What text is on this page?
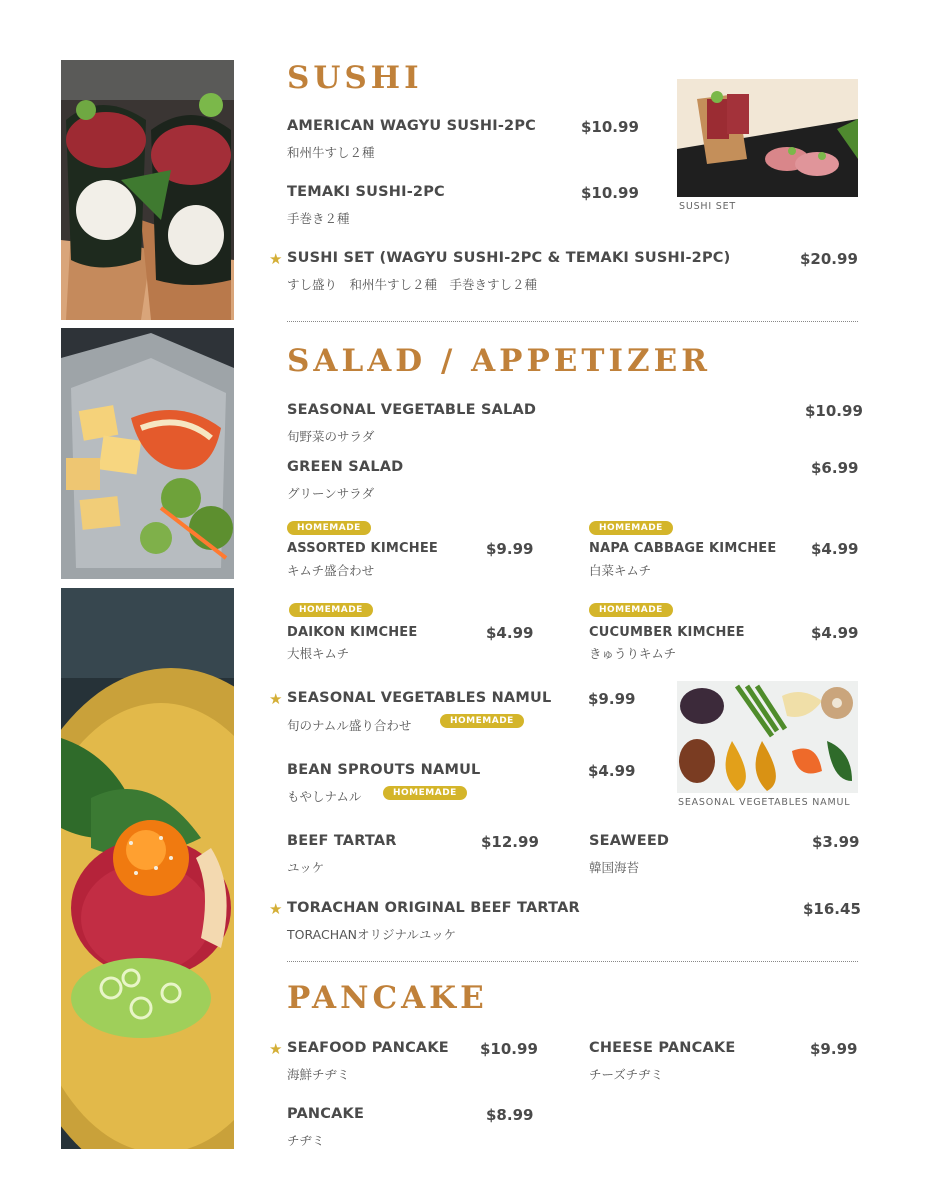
SUSHI
AMERICAN WAGYU SUSHI-2PC
和州牛すし２種
$10.99
TEMAKI SUSHI-2PC
手巻き２種
$10.99
★ SUSHI SET (WAGYU SUSHI-2PC & TEMAKI SUSHI-2PC)
すし盛り　和州牛すし２種　手巻きすし２種
$20.99
SUSHI SET
SALAD / APPETIZER
SEASONAL VEGETABLE SALAD
旬野菜のサラダ
$10.99
GREEN SALAD
グリーンサラダ
$6.99
HOMEMADE
ASSORTED KIMCHEE
キムチ盛合わせ
$9.99
HOMEMADE
NAPA CABBAGE KIMCHEE
白菜キムチ
$4.99
HOMEMADE
DAIKON KIMCHEE
大根キムチ
$4.99
HOMEMADE
CUCUMBER KIMCHEE
きゅうりキムチ
$4.99
★ SEASONAL VEGETABLES NAMUL
旬のナムル盛り合わせ	HOMEMADE
$9.99
BEAN SPROUTS NAMUL
もやしナムル	HOMEMADE
$4.99
SEASONAL VEGETABLES NAMUL
BEEF TARTAR
ユッケ
$12.99	SEAWEED
韓国海苔
$3.99
★ TORACHAN ORIGINAL BEEF TARTAR
TORACHANオリジナルユッケ
$16.45
PANCAKE
★ SEAFOOD PANCAKE
海鮮チヂミ
$10.99	CHEESE PANCAKE
チーズチヂミ
$9.99
PANCAKE
チヂミ
$8.99
